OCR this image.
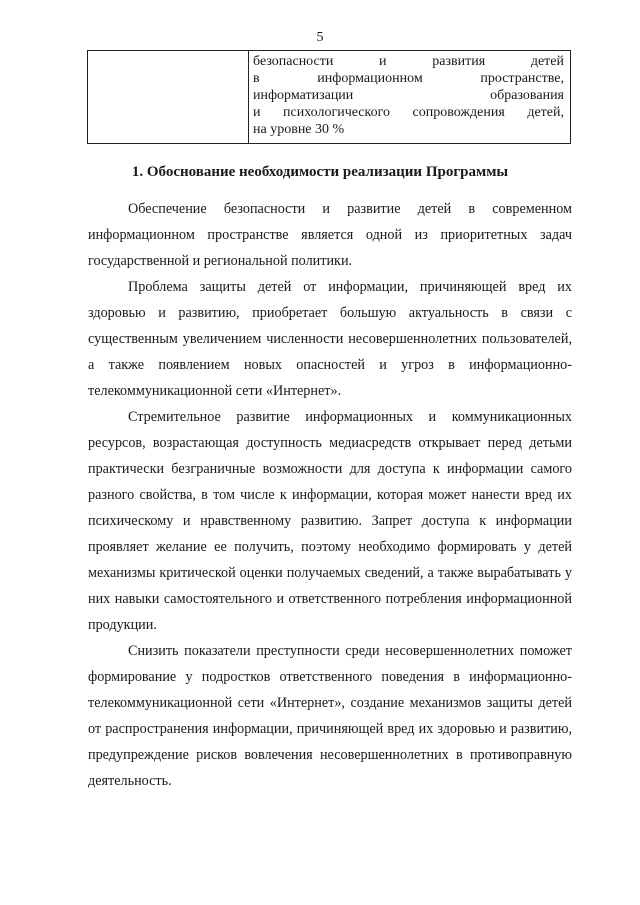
5

безопасности и развития детей
в информационном пространстве,
информатизации образования
и психологического сопровождения детей,
на уровне 30 %
1. Обоснование необходимости реализации Программы

Обеспечение безопасности и развитие детей в современном информационном пространстве является одной из приоритетных задач государственной и региональной политики.

Проблема защиты детей от информации, причиняющей вред их здоровью и развитию, приобретает большую актуальность в связи с существенным увеличением численности несовершеннолетних пользователей, а также появлением новых опасностей и угроз в информационно-телекоммуникационной сети «Интернет».

Стремительное развитие информационных и коммуникационных ресурсов, возрастающая доступность медиасредств открывает перед детьми практически безграничные возможности для доступа к информации самого разного свойства, в том числе к информации, которая может нанести вред их психическому и нравственному развитию. Запрет доступа к информации проявляет желание ее получить, поэтому необходимо формировать у детей механизмы критической оценки получаемых сведений, а также вырабатывать у них навыки самостоятельного и ответственного потребления информационной продукции.

Снизить показатели преступности среди несовершеннолетних поможет формирование у подростков ответственного поведения в информационно-телекоммуникационной сети «Интернет», создание механизмов защиты детей от распространения информации, причиняющей вред их здоровью и развитию, предупреждение рисков вовлечения несовершеннолетних в противоправную деятельность.
